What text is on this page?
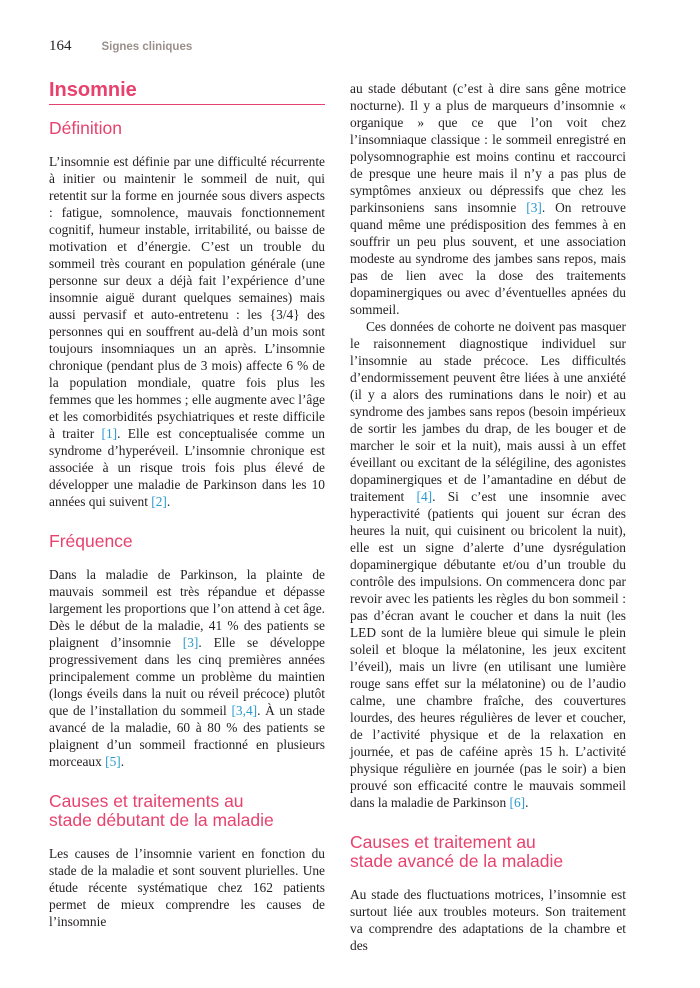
164	Signes cliniques
Insomnie
Définition

L’insomnie est définie par une difficulté récurrente à initier ou maintenir le sommeil de nuit, qui retentit sur la forme en journée sous divers aspects : fatigue, somnolence, mauvais fonctionnement cognitif, humeur instable, irritabilité, ou baisse de motivation et d’énergie. C’est un trouble du sommeil très courant en population générale (une personne sur deux a déjà fait l’expérience d’une insomnie aiguë durant quelques semaines) mais aussi pervasif et auto-entretenu : les {3/4} des personnes qui en souffrent au-delà d’un mois sont toujours insomniaques un an après. L’insomnie chronique (pendant plus de 3 mois) affecte 6 % de la population mondiale, quatre fois plus les femmes que les hommes ; elle augmente avec l’âge et les comorbidités psychiatriques et reste difficile à traiter [1]. Elle est conceptualisée comme un syndrome d’hyperéveil. L’insomnie chronique est associée à un risque trois fois plus élevé de développer une maladie de Parkinson dans les 10 années qui suivent [2].

Fréquence

Dans la maladie de Parkinson, la plainte de mauvais sommeil est très répandue et dépasse largement les proportions que l’on attend à cet âge. Dès le début de la maladie, 41 % des patients se plaignent d’insomnie [3]. Elle se développe progressivement dans les cinq premières années principalement comme un problème du maintien (longs éveils dans la nuit ou réveil précoce) plutôt que de l’installation du sommeil [3,4]. À un stade avancé de la maladie, 60 à 80 % des patients se plaignent d’un sommeil fractionné en plusieurs morceaux [5].

Causes et traitements au
stade débutant de la maladie

Les causes de l’insomnie varient en fonction du stade de la maladie et sont souvent plurielles. Une étude récente systématique chez 162 patients permet de mieux comprendre les causes de l’insomnie

au stade débutant (c’est à dire sans gêne motrice nocturne). Il y a plus de marqueurs d’insomnie « organique » que ce que l’on voit chez l’insomniaque classique : le sommeil enregistré en polysomnographie est moins continu et raccourci de presque une heure mais il n’y a pas plus de symptômes anxieux ou dépressifs que chez les parkinsoniens sans insomnie [3]. On retrouve quand même une prédisposition des femmes à en souffrir un peu plus souvent, et une association modeste au syndrome des jambes sans repos, mais pas de lien avec la dose des traitements dopaminergiques ou avec d’éventuelles apnées du sommeil.

Ces données de cohorte ne doivent pas masquer le raisonnement diagnostique individuel sur l’insomnie au stade précoce. Les difficultés d’endormissement peuvent être liées à une anxiété (il y a alors des ruminations dans le noir) et au syndrome des jambes sans repos (besoin impérieux de sortir les jambes du drap, de les bouger et de marcher le soir et la nuit), mais aussi à un effet éveillant ou excitant de la sélégiline, des agonistes dopaminergiques et de l’amantadine en début de traitement [4]. Si c’est une insomnie avec hyperactivité (patients qui jouent sur écran des heures la nuit, qui cuisinent ou bricolent la nuit), elle est un signe d’alerte d’une dysrégulation dopaminergique débutante et/ou d’un trouble du contrôle des impulsions. On commencera donc par revoir avec les patients les règles du bon sommeil : pas d’écran avant le coucher et dans la nuit (les LED sont de la lumière bleue qui simule le plein soleil et bloque la mélatonine, les jeux excitent l’éveil), mais un livre (en utilisant une lumière rouge sans effet sur la mélatonine) ou de l’audio calme, une chambre fraîche, des couvertures lourdes, des heures régulières de lever et coucher, de l’activité physique et de la relaxation en journée, et pas de caféine après 15 h. L’activité physique régulière en journée (pas le soir) a bien prouvé son efficacité contre le mauvais sommeil dans la maladie de Parkinson [6].

Causes et traitement au
stade avancé de la maladie

Au stade des fluctuations motrices, l’insomnie est surtout liée aux troubles moteurs. Son traitement va comprendre des adaptations de la chambre et des
